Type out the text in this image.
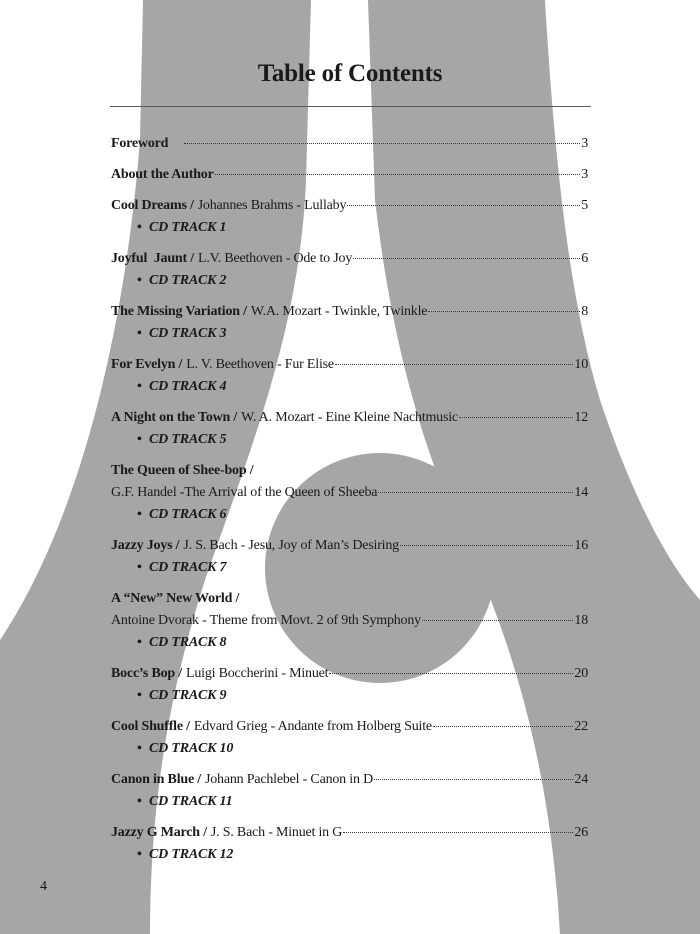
Table of Contents
Foreword	3
About the Author	3
Cool Dreams / Johannes Brahms - Lullaby	5
• CD TRACK 1
Joyful  Jaunt / L.V. Beethoven - Ode to Joy	6
• CD TRACK 2
The Missing Variation / W.A. Mozart - Twinkle, Twinkle	8
• CD TRACK 3
For Evelyn / L. V. Beethoven - Fur Elise	10
• CD TRACK 4
A Night on the Town / W. A. Mozart - Eine Kleine Nachtmusic	12
• CD TRACK 5
The Queen of Shee-bop /
G.F. Handel -The Arrival of the Queen of Sheeba	14
• CD TRACK 6
Jazzy Joys / J. S. Bach - Jesu, Joy of Man’s Desiring	16
• CD TRACK 7
A “New” New World /
Antoine Dvorak - Theme from Movt. 2 of 9th Symphony	18
• CD TRACK 8
Bocc’s Bop / Luigi Boccherini - Minuet	20
• CD TRACK 9
Cool Shuffle / Edvard Grieg - Andante from Holberg Suite	22
• CD TRACK 10
Canon in Blue / Johann Pachlebel - Canon in D	24
• CD TRACK 11
Jazzy G March / J. S. Bach - Minuet in G	26
• CD TRACK 12
4
